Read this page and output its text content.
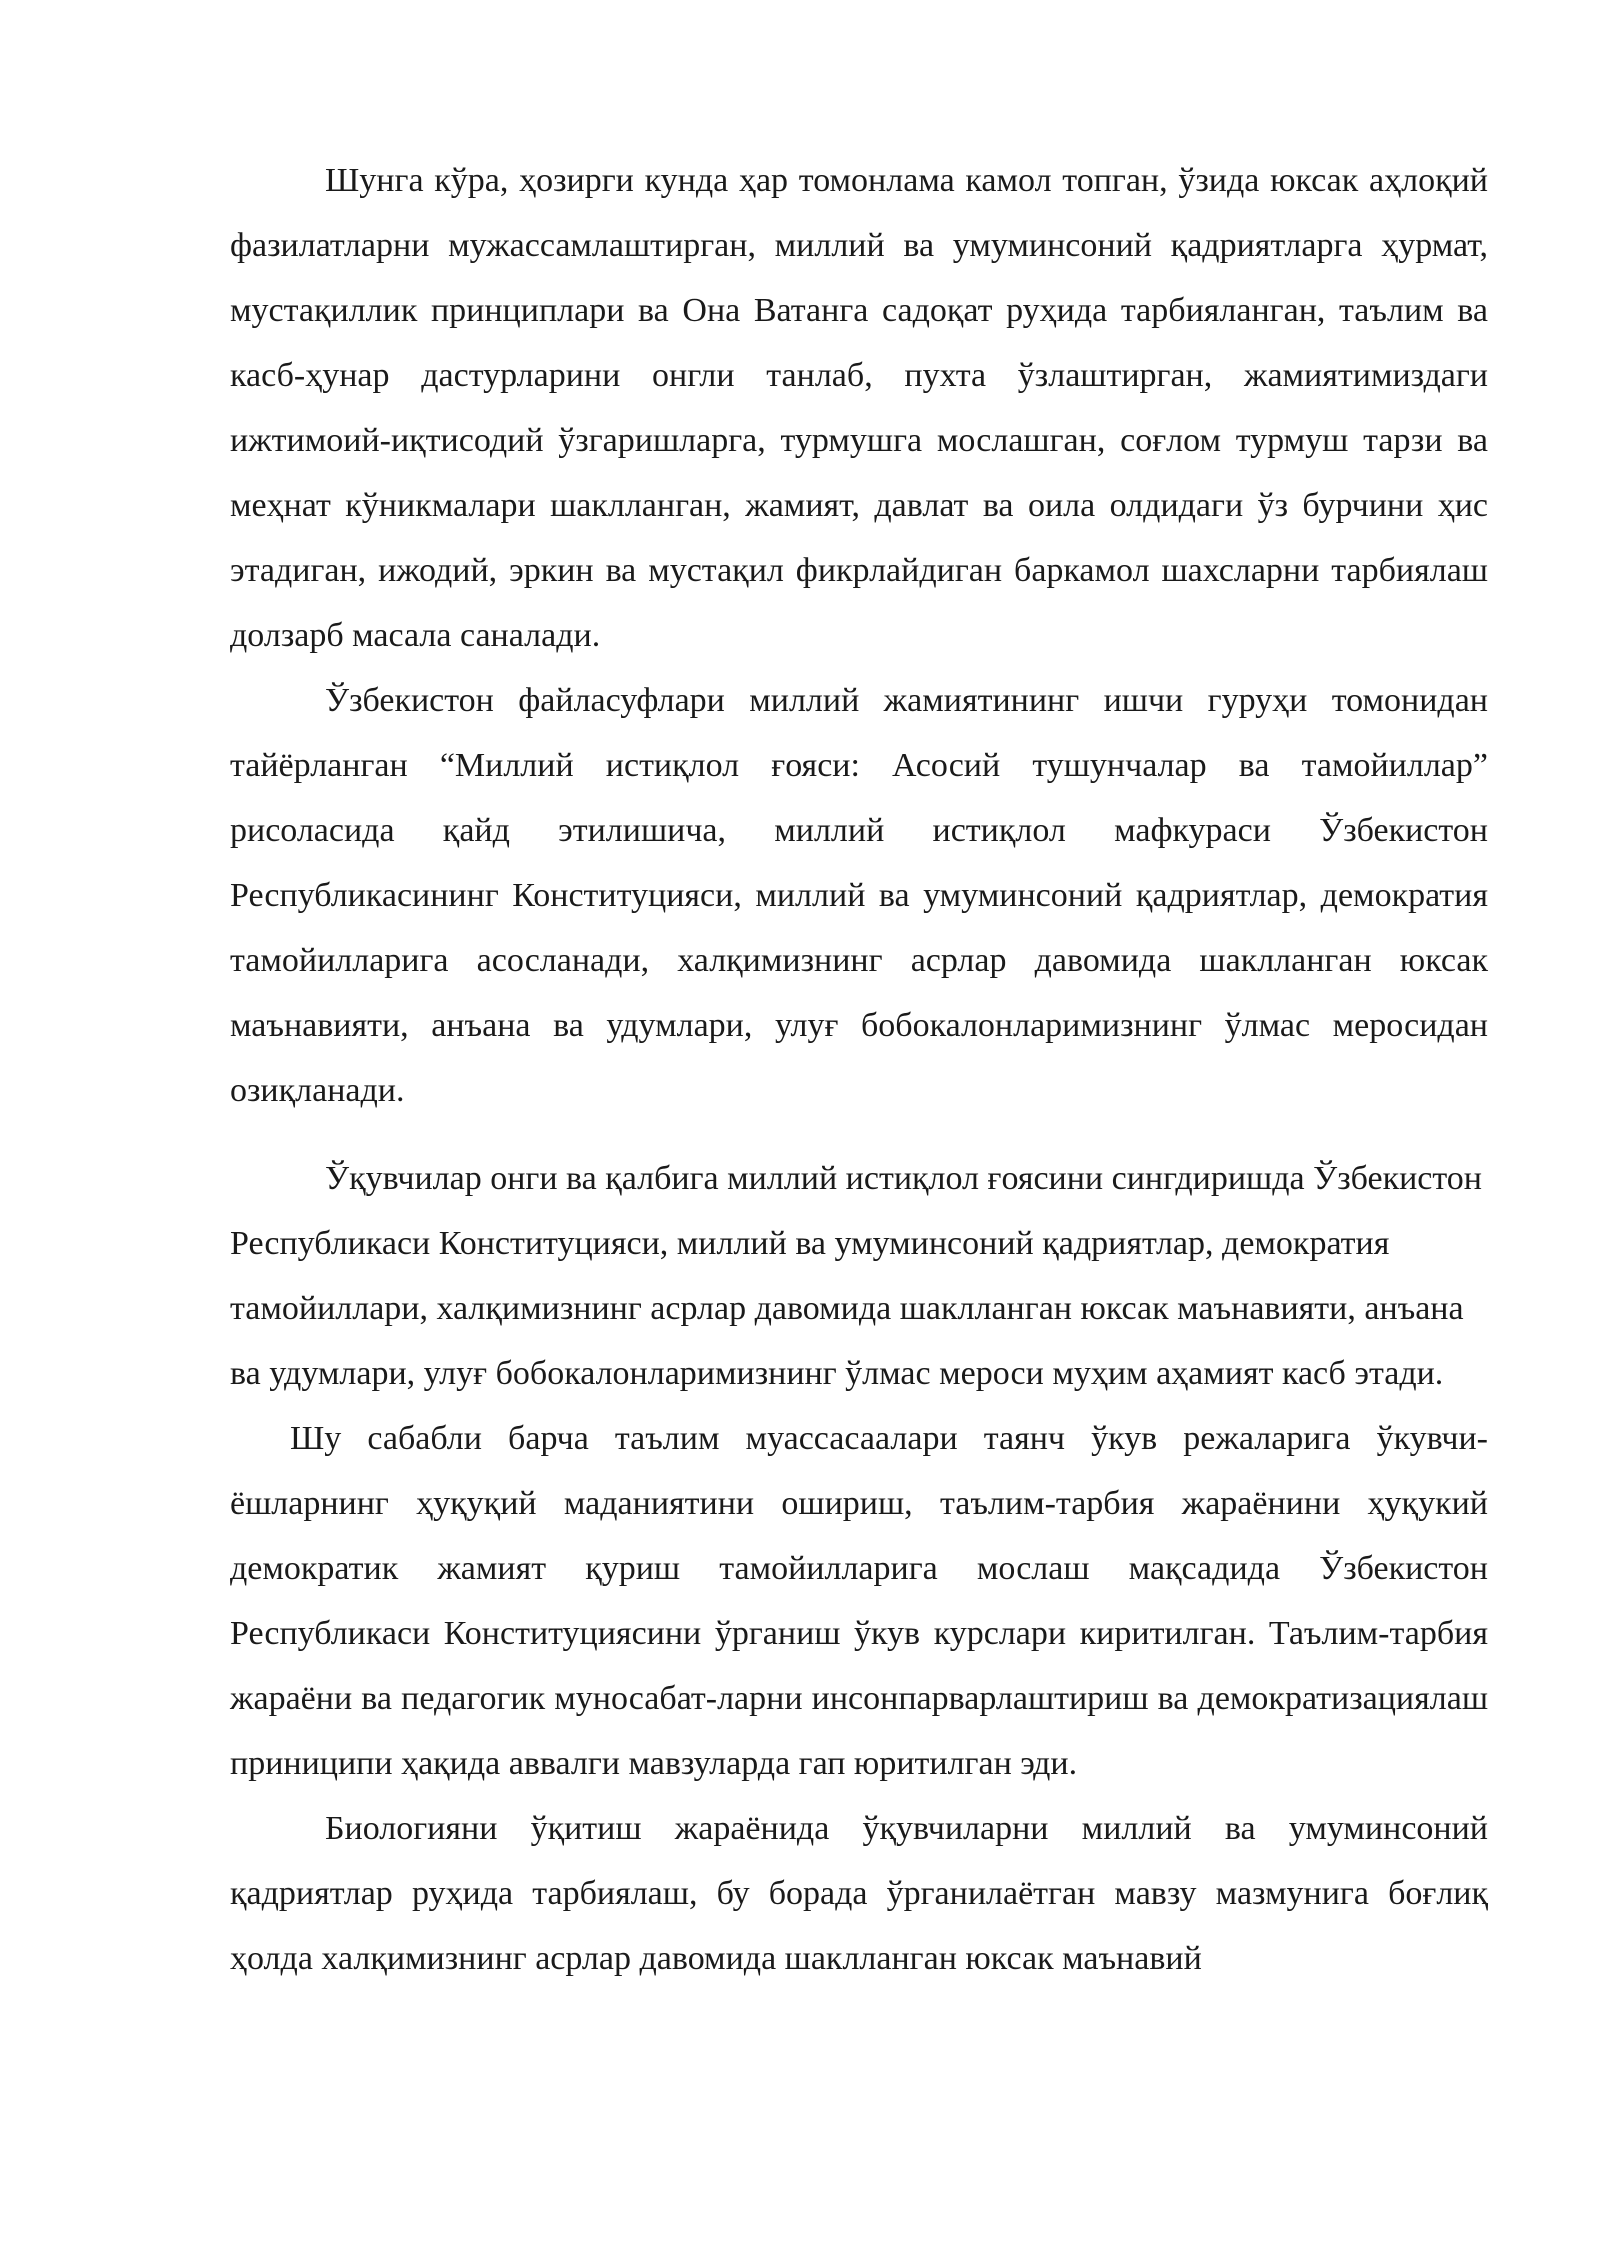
Шунга кўра, ҳозирги кунда ҳар томонлама камол топган, ўзида юксак аҳлоқий фазилатларни мужассамлаштирган, миллий ва умуминсоний қадриятларга ҳурмат, мустақиллик принциплари ва Она Ватанга садоқат руҳида тарбияланган, таълим ва касб-ҳунар дастурларини онгли танлаб, пухта ўзлаштирган, жамиятимиздаги ижтимоий-иқтисодий ўзгаришларга, турмушга мослашган, соғлом турмуш тарзи ва меҳнат кўникмалари шаклланган, жамият, давлат ва оила олдидаги ўз бурчини ҳис этадиган, ижодий, эркин ва мустақил фикрлайдиган баркамол шахсларни тарбиялаш долзарб масала саналади.

Ўзбекистон файласуфлари миллий жамиятининг ишчи гуруҳи томонидан тайёрланган “Миллий истиқлол ғояси: Асосий тушунчалар ва тамойиллар” рисоласида қайд этилишича, миллий истиқлол мафкураси Ўзбекистон Республикасининг Конституцияси, миллий ва умуминсоний қадриятлар, демократия тамойилларига асосланади, халқимизнинг асрлар давомида шаклланган юксак маънавияти, анъана ва удумлари, улуғ бобокалонларимизнинг ўлмас меросидан озиқланади.

Ўқувчилар онги ва қалбига миллий истиқлол ғоясини сингдиришда Ўзбекистон Республикаси Конституцияси, миллий ва умуминсоний қадриятлар, демократия тамойиллари, халқимизнинг асрлар давомида шаклланган юксак маънавияти, анъана ва удумлари, улуғ бобокалонларимизнинг ўлмас мероси муҳим аҳамият касб этади.

Шу сабабли барча таълим муассасаалари таянч ўкув режаларига ўкувчи-ёшларнинг ҳуқуқий маданиятини ошириш, таълим-тарбия жараёнини ҳуқукий демократик жамият қуриш тамойилларига мослаш мақсадида Ўзбекистон Республикаси Конституциясини ўрганиш ўкув курслари киритилган. Таълим-тарбия жараёни ва педагогик муносабат-ларни инсонпарварлаштириш ва демократизациялаш приниципи ҳақида аввалги мавзуларда гап юритилган эди.

Биологияни ўқитиш жараёнида ўқувчиларни миллий ва умуминсоний қадриятлар руҳида тарбиялаш, бу борада ўрганилаётган мавзу мазмунига боғлиқ ҳолда халқимизнинг асрлар давомида шаклланган юксак маънавий
